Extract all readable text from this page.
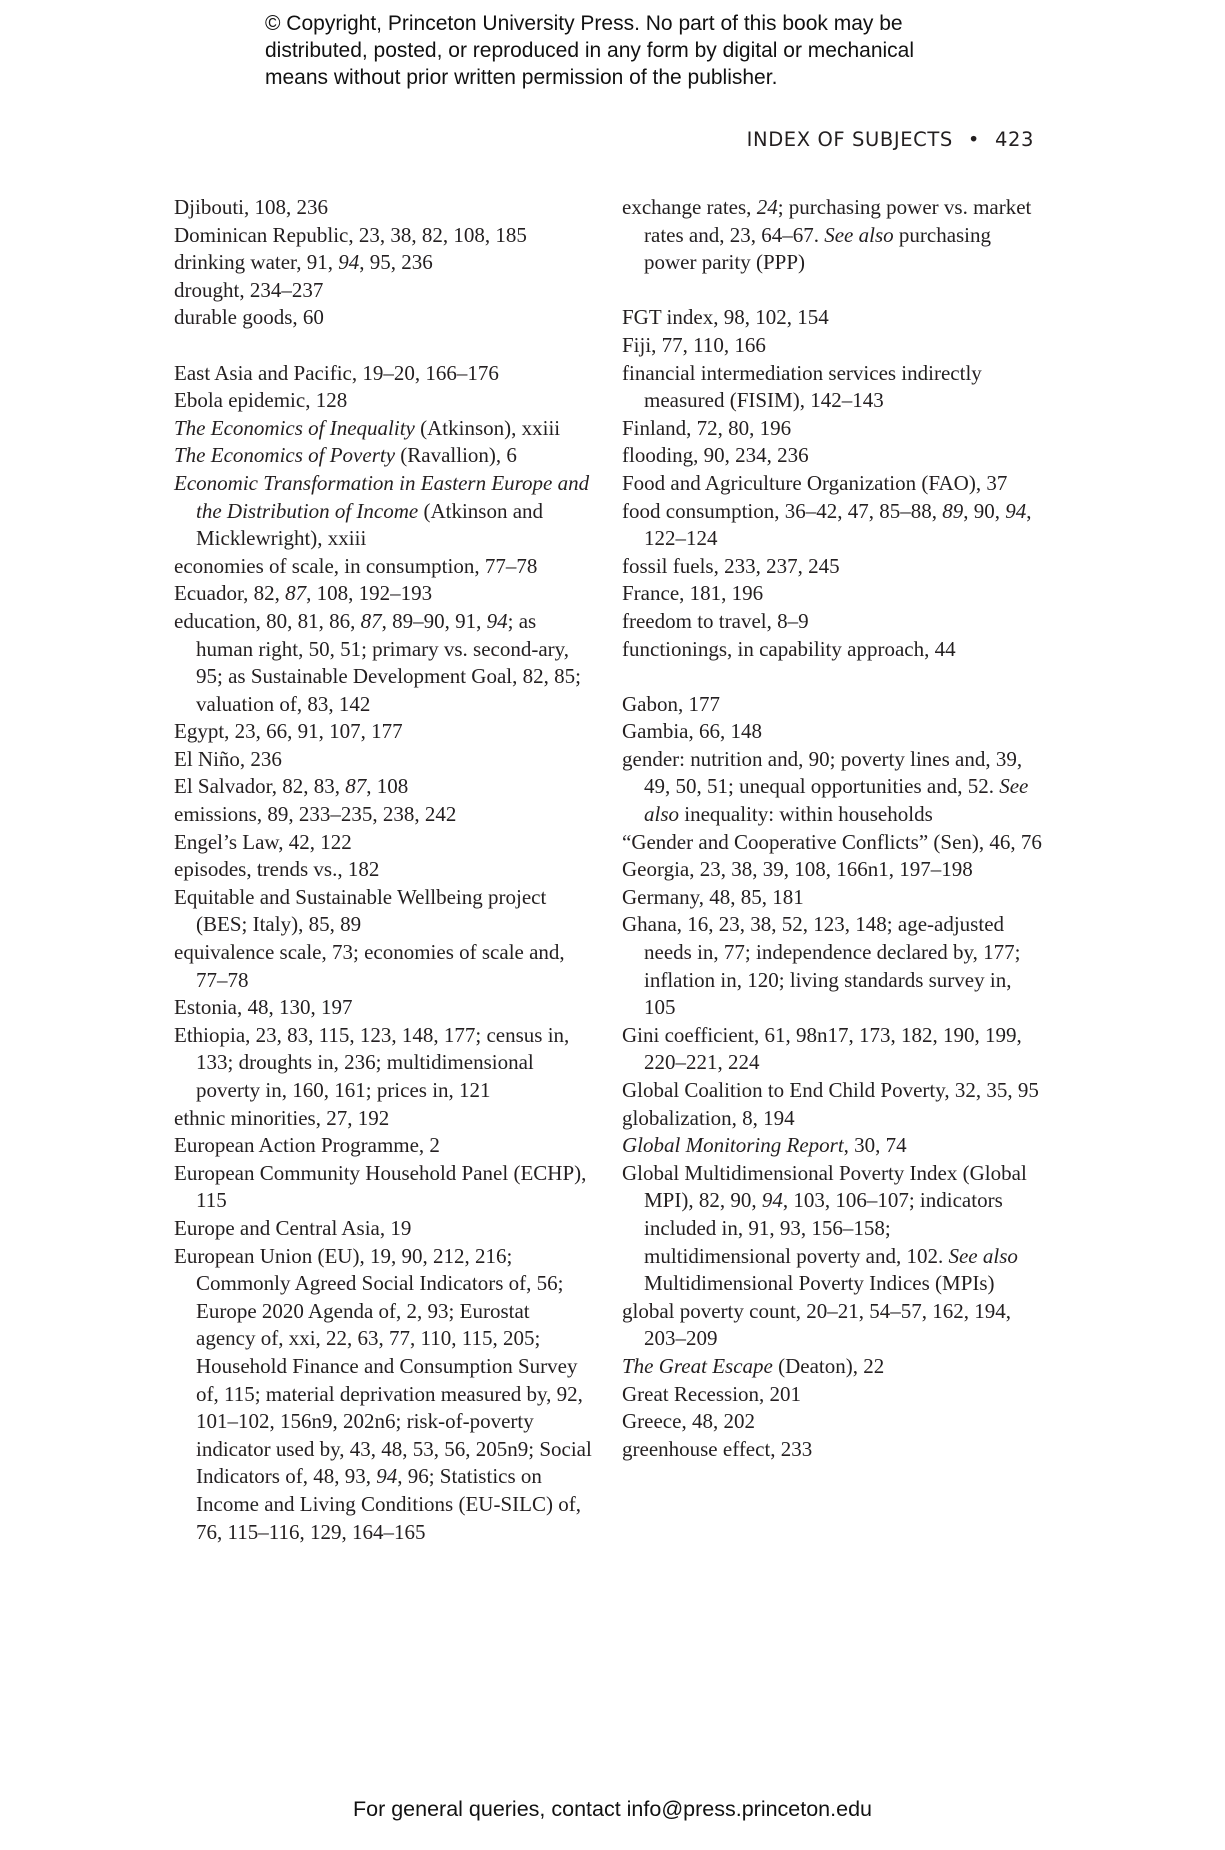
© Copyright, Princeton University Press. No part of this book may be
distributed, posted, or reproduced in any form by digital or mechanical
means without prior written permission of the publisher.
INDEX OF SUBJECTS • 423

Djibouti, 108, 236

Dominican Republic, 23, 38, 82, 108, 185

drinking water, 91, 94, 95, 236

drought, 234–237

durable goods, 60

East Asia and Pacific, 19–20, 166–176

Ebola epidemic, 128

The Economics of Inequality (Atkinson), xxiii

The Economics of Poverty (Ravallion), 6

Economic Transformation in Eastern Europe and the Distribution of Income (Atkinson and Micklewright), xxiii

economies of scale, in consumption, 77–78

Ecuador, 82, 87, 108, 192–193

education, 80, 81, 86, 87, 89–90, 91, 94; as human right, 50, 51; primary vs. second-ary, 95; as Sustainable Development Goal, 82, 85; valuation of, 83, 142

Egypt, 23, 66, 91, 107, 177

El Niño, 236

El Salvador, 82, 83, 87, 108

emissions, 89, 233–235, 238, 242

Engel’s Law, 42, 122

episodes, trends vs., 182

Equitable and Sustainable Wellbeing project (BES; Italy), 85, 89

equivalence scale, 73; economies of scale and, 77–78

Estonia, 48, 130, 197

Ethiopia, 23, 83, 115, 123, 148, 177; census in, 133; droughts in, 236; multidimensional poverty in, 160, 161; prices in, 121

ethnic minorities, 27, 192

European Action Programme, 2

European Community Household Panel (ECHP), 115

Europe and Central Asia, 19

European Union (EU), 19, 90, 212, 216; Commonly Agreed Social Indicators of, 56; Europe 2020 Agenda of, 2, 93; Eurostat agency of, xxi, 22, 63, 77, 110, 115, 205; Household Finance and Consumption Survey of, 115; material deprivation measured by, 92, 101–102, 156n9, 202n6; risk-of-poverty indicator used by, 43, 48, 53, 56, 205n9; Social Indicators of, 48, 93, 94, 96; Statistics on Income and Living Conditions (EU-SILC) of, 76, 115–116, 129, 164–165

exchange rates, 24; purchasing power vs. market rates and, 23, 64–67. See also purchasing power parity (PPP)

FGT index, 98, 102, 154

Fiji, 77, 110, 166

financial intermediation services indirectly measured (FISIM), 142–143

Finland, 72, 80, 196

flooding, 90, 234, 236

Food and Agriculture Organization (FAO), 37

food consumption, 36–42, 47, 85–88, 89, 90, 94, 122–124

fossil fuels, 233, 237, 245

France, 181, 196

freedom to travel, 8–9

functionings, in capability approach, 44

Gabon, 177

Gambia, 66, 148

gender: nutrition and, 90; poverty lines and, 39, 49, 50, 51; unequal opportunities and, 52. See also inequality: within households

“Gender and Cooperative Conflicts” (Sen), 46, 76

Georgia, 23, 38, 39, 108, 166n1, 197–198

Germany, 48, 85, 181

Ghana, 16, 23, 38, 52, 123, 148; age-adjusted needs in, 77; independence declared by, 177; inflation in, 120; living standards survey in, 105

Gini coefficient, 61, 98n17, 173, 182, 190, 199, 220–221, 224

Global Coalition to End Child Poverty, 32, 35, 95

globalization, 8, 194

Global Monitoring Report, 30, 74

Global Multidimensional Poverty Index (Global MPI), 82, 90, 94, 103, 106–107; indicators included in, 91, 93, 156–158; multidimensional poverty and, 102. See also Multidimensional Poverty Indices (MPIs)

global poverty count, 20–21, 54–57, 162, 194, 203–209

The Great Escape (Deaton), 22

Great Recession, 201

Greece, 48, 202

greenhouse effect, 233

For general queries, contact info@press.princeton.edu
